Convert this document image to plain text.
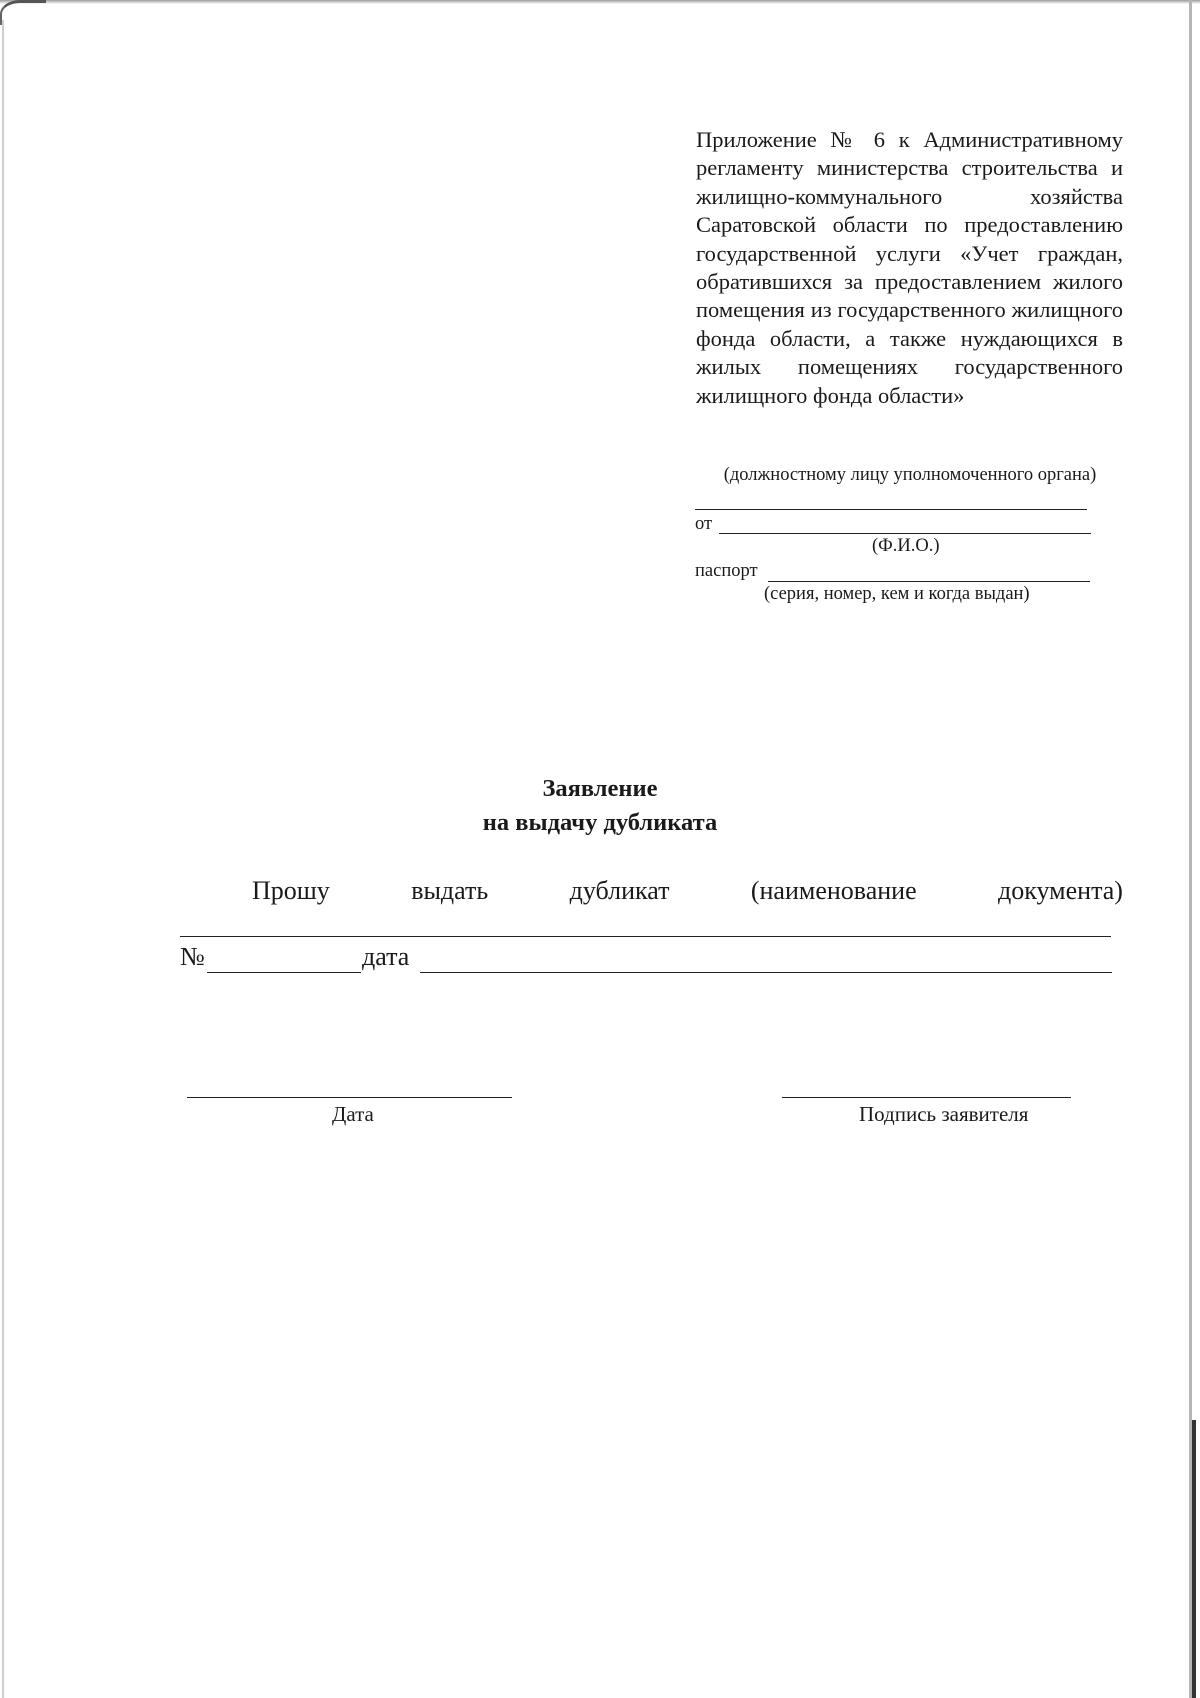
Приложение № 6 к Административному регламенту министерства строительства и жилищно-коммунального хозяйства Саратовской области по предоставлению государственной услуги «Учет граждан, обратившихся за предоставлением жилого помещения из государственного жилищного фонда области, а также нуждающихся в жилых помещениях государственного жилищного фонда области»

(должностному лицу уполномоченного органа)

от

(Ф.И.О.)

паспорт

(серия, номер, кем и когда выдан)

Заявление
на выдачу дубликата
Прошу	выдать	дубликат	(наименование	документа)

№	дата

Дата	Подпись заявителя
